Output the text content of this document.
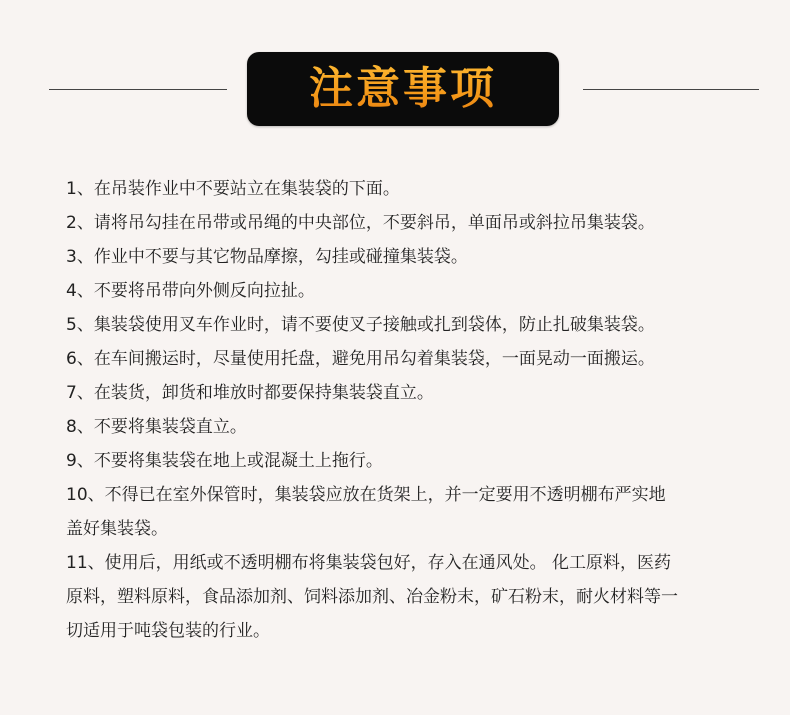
注意事项
1、在吊装作业中不要站立在集装袋的下面。
2、请将吊勾挂在吊带或吊绳的中央部位，不要斜吊，单面吊或斜拉吊集装袋。
3、作业中不要与其它物品摩擦，勾挂或碰撞集装袋。
4、不要将吊带向外侧反向拉扯。
5、集装袋使用叉车作业时，请不要使叉子接触或扎到袋体，防止扎破集装袋。
6、在车间搬运时，尽量使用托盘，避免用吊勾着集装袋，一面晃动一面搬运。
7、在装货，卸货和堆放时都要保持集装袋直立。
8、不要将集装袋直立。
9、不要将集装袋在地上或混凝土上拖行。
10、不得已在室外保管时，集装袋应放在货架上，并一定要用不透明棚布严实地
盖好集装袋。
11、使用后，用纸或不透明棚布将集装袋包好，存入在通风处。 化工原料，医药
原料，塑料原料，食品添加剂、饲料添加剂、冶金粉末，矿石粉末，耐火材料等一
切适用于吨袋包装的行业。
